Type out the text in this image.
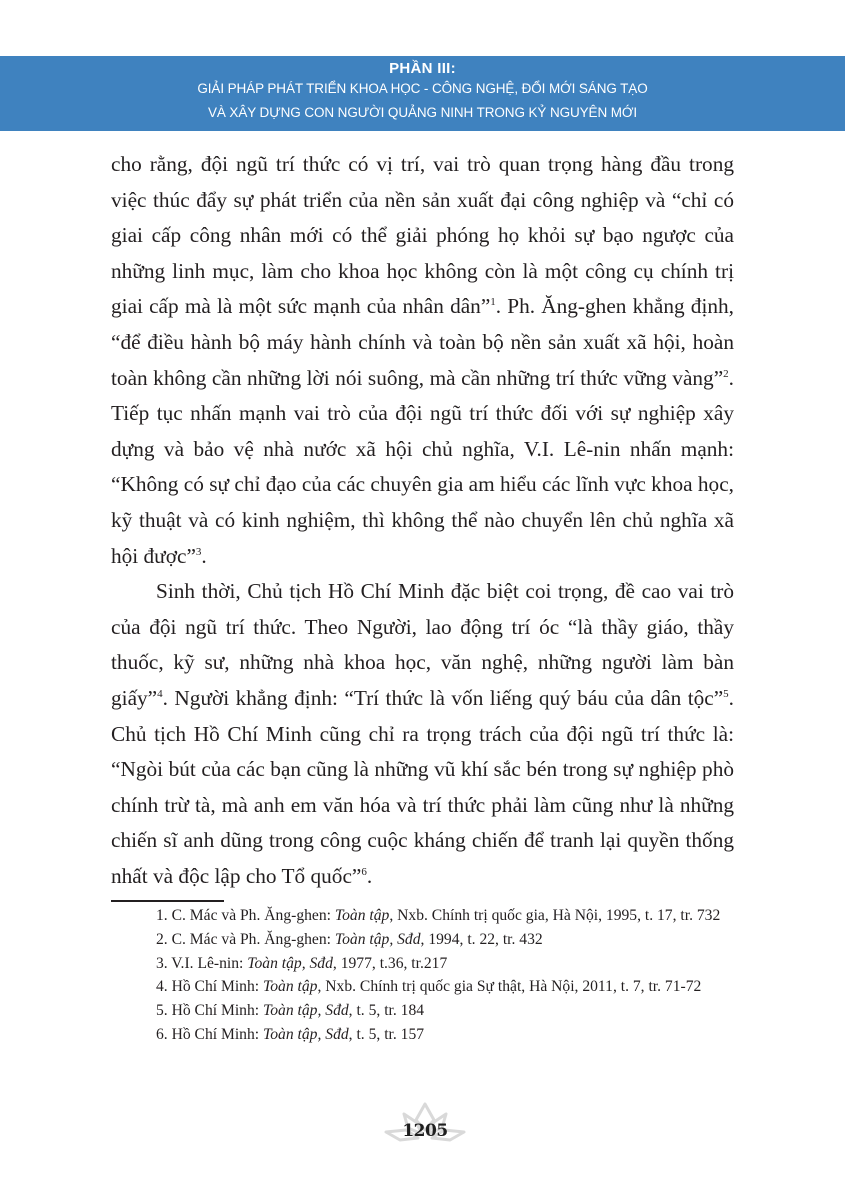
PHẦN III:
GIẢI PHÁP PHÁT TRIỂN KHOA HỌC - CÔNG NGHỆ, ĐỔI MỚI SÁNG TẠO
VÀ XÂY DỰNG CON NGƯỜI QUẢNG NINH TRONG KỶ NGUYÊN MỚI

cho rằng, đội ngũ trí thức có vị trí, vai trò quan trọng hàng đầu trong việc thúc đẩy sự phát triển của nền sản xuất đại công nghiệp và “chỉ có giai cấp công nhân mới có thể giải phóng họ khỏi sự bạo ngược của những linh mục, làm cho khoa học không còn là một công cụ chính trị giai cấp mà là một sức mạnh của nhân dân”$^1$. Ph. Ăng-ghen khẳng định, “để điều hành bộ máy hành chính và toàn bộ nền sản xuất xã hội, hoàn toàn không cần những lời nói suông, mà cần những trí thức vững vàng”$^2$. Tiếp tục nhấn mạnh vai trò của đội ngũ trí thức đối với sự nghiệp xây dựng và bảo vệ nhà nước xã hội chủ nghĩa, V.I. Lê-nin nhấn mạnh: “Không có sự chỉ đạo của các chuyên gia am hiểu các lĩnh vực khoa học, kỹ thuật và có kinh nghiệm, thì không thể nào chuyển lên chủ nghĩa xã hội được”$^3$.

Sinh thời, Chủ tịch Hồ Chí Minh đặc biệt coi trọng, đề cao vai trò của đội ngũ trí thức. Theo Người, lao động trí óc “là thầy giáo, thầy thuốc, kỹ sư, những nhà khoa học, văn nghệ, những người làm bàn giấy”$^4$. Người khẳng định: “Trí thức là vốn liếng quý báu của dân tộc”$^5$. Chủ tịch Hồ Chí Minh cũng chỉ ra trọng trách của đội ngũ trí thức là: “Ngòi bút của các bạn cũng là những vũ khí sắc bén trong sự nghiệp phò chính trừ tà, mà anh em văn hóa và trí thức phải làm cũng như là những chiến sĩ anh dũng trong công cuộc kháng chiến để tranh lại quyền thống nhất và độc lập cho Tổ quốc”$^6$.

1. C. Mác và Ph. Ăng-ghen: Toàn tập, Nxb. Chính trị quốc gia, Hà Nội, 1995, t. 17, tr. 732

2. C. Mác và Ph. Ăng-ghen: Toàn tập, Sđd, 1994, t. 22, tr. 432

3. V.I. Lê-nin: Toàn tập, Sđd, 1977, t.36, tr.217

4. Hồ Chí Minh: Toàn tập, Nxb. Chính trị quốc gia Sự thật, Hà Nội, 2011, t. 7, tr. 71-72

5. Hồ Chí Minh: Toàn tập, Sđd, t. 5, tr. 184

6. Hồ Chí Minh: Toàn tập, Sđd, t. 5, tr. 157

1205
